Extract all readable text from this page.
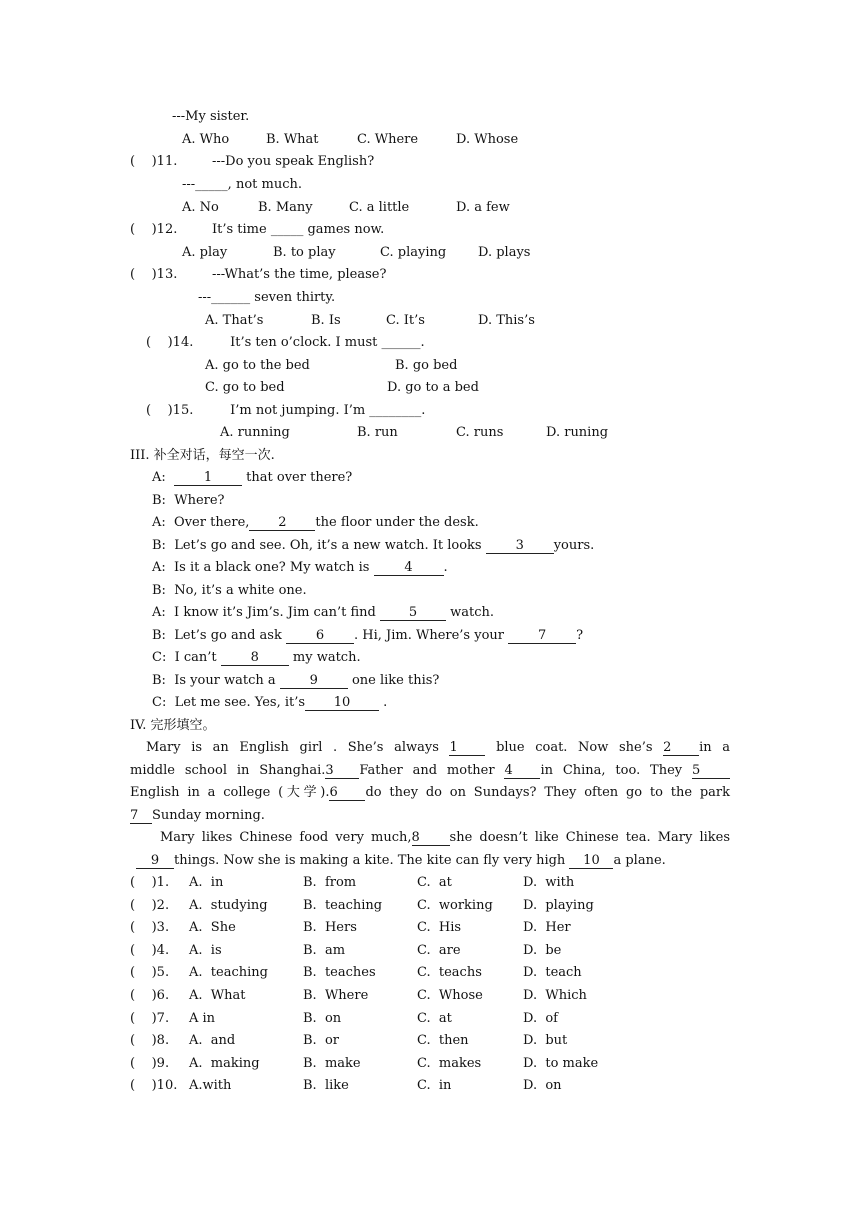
---My sister.
A. Who	B. What	C. Where	D. Whose
(    )11.	---Do you speak English?
---_____, not much.
A. No	B. Many	C. a little	D. a few
(    )12.	It’s time _____ games now.
A. play	B. to play	C. playing D. plays
(    )13.	---What’s the time, please?
---______ seven thirty.
A. That’s	B. Is	C. It’s	D. This’s
(    )14.	It’s ten o’clock. I must ______.
A. go to the bed	B. go bed
C. go to bed	D. go to a bed
(    )15.	I’m not jumping. I’m ________.
A. running	B. run	C. runs	D. runing
III. 补全对话，每空一次.
A:	1 that over there?
B: Where?
A: Over there, 2 the floor under the desk.
B: Let’s go and see. Oh, it’s a new watch. It looks 3 yours.
A: Is it a black one? My watch is 4 .
B: No, it’s a white one.
A: I know it’s Jim’s. Jim can’t find 5 watch.
B: Let’s go and ask 6 . Hi, Jim. Where’s your 7 ?
C: I can’t 8 my watch.
B: Is your watch a 9 one like this?
C: Let me see. Yes, it’s 10 .
IV. 完形填空。
Mary is an English girl . She’s always 1 blue coat. Now she’s 2 in a
middle school in Shanghai.3 Father and mother 4 in China, too. They 5
English in a college (大学).6 do they do on Sundays? They often go to the park
7 Sunday morning.
Mary likes Chinese food very much,8 she doesn’t like Chinese tea. Mary likes
9 things. Now she is making a kite. The kite can fly very high 10 a plane.
(    )1. A.  in	B.  from	C.  at	D.  with
(    )2. A.  studying	B.  teaching	C.  working D.  playing
(    )3. A.  She	B.  Hers	C.  His	D.  Her
(    )4. A.  is	B.  am	C.  are	D.  be
(    )5. A.  teaching	B.  teaches	C.  teachs	D.  teach
(    )6. A.  What	B.  Where	C.  Whose	D.  Which
(    )7. A in	B.  on	C.  at	D.  of
(    )8. A.  and	B.  or	C.  then	D.  but
(    )9. A.  making	B.  make	C.  makes	D.  to make
(    )10. A.with	B.  like	C.  in	D.  on
